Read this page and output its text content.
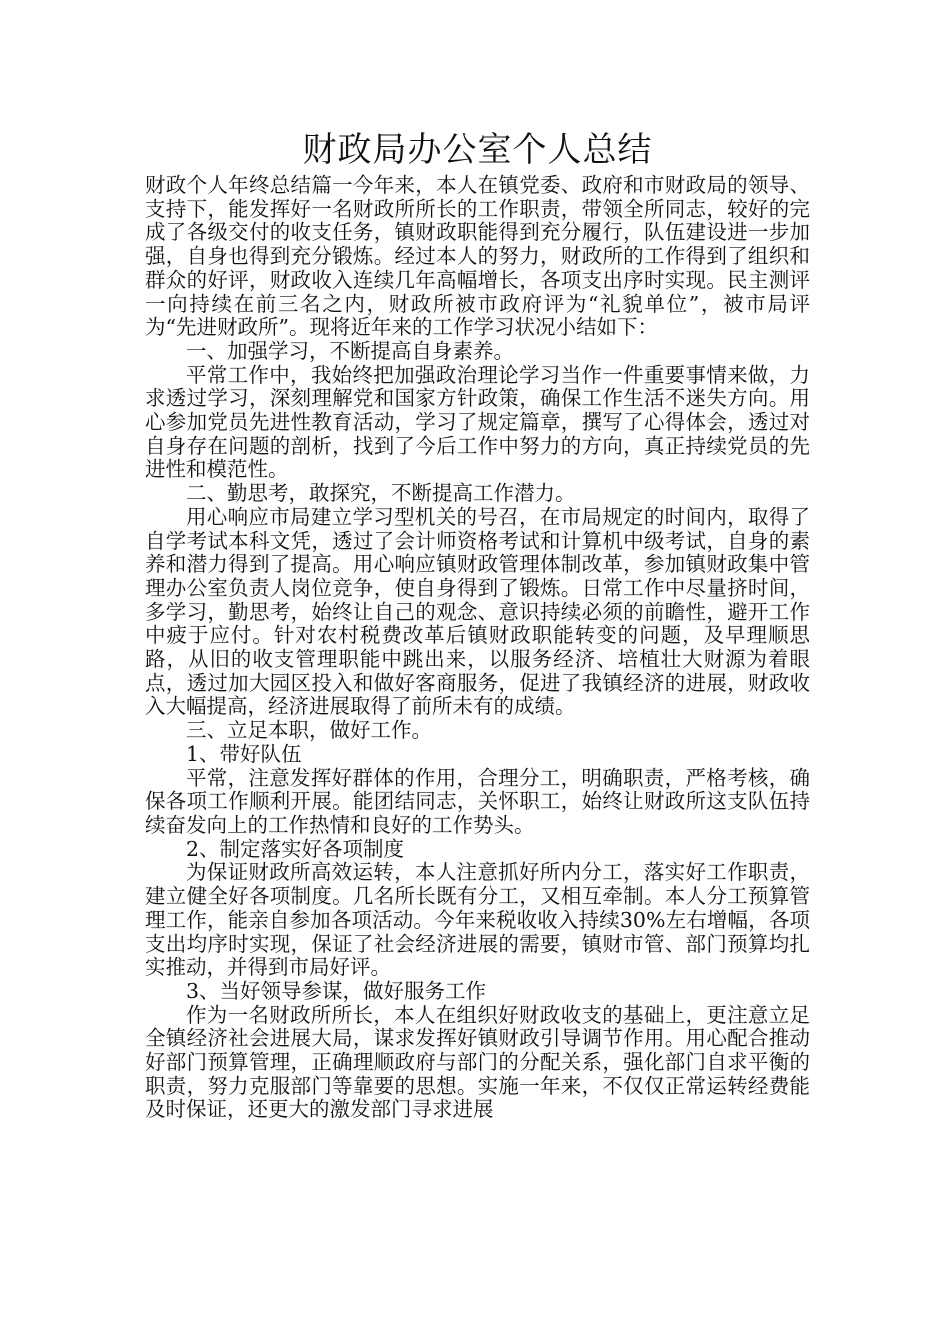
财政局办公室个人总结

财政个人年终总结篇一今年来，本人在镇党委、政府和市财政局的领导、支持下，能发挥好一名财政所所长的工作职责，带领全所同志，较好的完成了各级交付的收支任务，镇财政职能得到充分履行，队伍建设进一步加强，自身也得到充分锻炼。经过本人的努力，财政所的工作得到了组织和群众的好评，财政收入连续几年高幅增长，各项支出序时实现。民主测评一向持续在前三名之内，财政所被市政府评为“礼貌单位”，被市局评为“先进财政所”。现将近年来的工作学习状况小结如下：

一、加强学习，不断提高自身素养。

平常工作中，我始终把加强政治理论学习当作一件重要事情来做，力求透过学习，深刻理解党和国家方针政策，确保工作生活不迷失方向。用心参加党员先进性教育活动，学习了规定篇章，撰写了心得体会，透过对自身存在问题的剖析，找到了今后工作中努力的方向，真正持续党员的先进性和模范性。

二、勤思考，敢探究，不断提高工作潜力。

用心响应市局建立学习型机关的号召，在市局规定的时间内，取得了自学考试本科文凭，透过了会计师资格考试和计算机中级考试，自身的素养和潜力得到了提高。用心响应镇财政管理体制改革，参加镇财政集中管理办公室负责人岗位竞争，使自身得到了锻炼。日常工作中尽量挤时间，多学习，勤思考，始终让自己的观念、意识持续必须的前瞻性，避开工作中疲于应付。针对农村税费改革后镇财政职能转变的问题，及早理顺思路，从旧的收支管理职能中跳出来，以服务经济、培植壮大财源为着眼点，透过加大园区投入和做好客商服务，促进了我镇经济的进展，财政收入大幅提高，经济进展取得了前所未有的成绩。

三、立足本职，做好工作。

1、带好队伍

平常，注意发挥好群体的作用，合理分工，明确职责，严格考核，确保各项工作顺利开展。能团结同志，关怀职工，始终让财政所这支队伍持续奋发向上的工作热情和良好的工作势头。

2、制定落实好各项制度

为保证财政所高效运转，本人注意抓好所内分工，落实好工作职责，建立健全好各项制度。几名所长既有分工，又相互牵制。本人分工预算管理工作，能亲自参加各项活动。今年来税收收入持续30%左右增幅，各项支出均序时实现，保证了社会经济进展的需要，镇财市管、部门预算均扎实推动，并得到市局好评。

3、当好领导参谋，做好服务工作

作为一名财政所所长，本人在组织好财政收支的基础上，更注意立足全镇经济社会进展大局，谋求发挥好镇财政引导调节作用。用心配合推动好部门预算管理，正确理顺政府与部门的分配关系，强化部门自求平衡的职责，努力克服部门等靠要的思想。实施一年来，不仅仅正常运转经费能及时保证，还更大的激发部门寻求进展
